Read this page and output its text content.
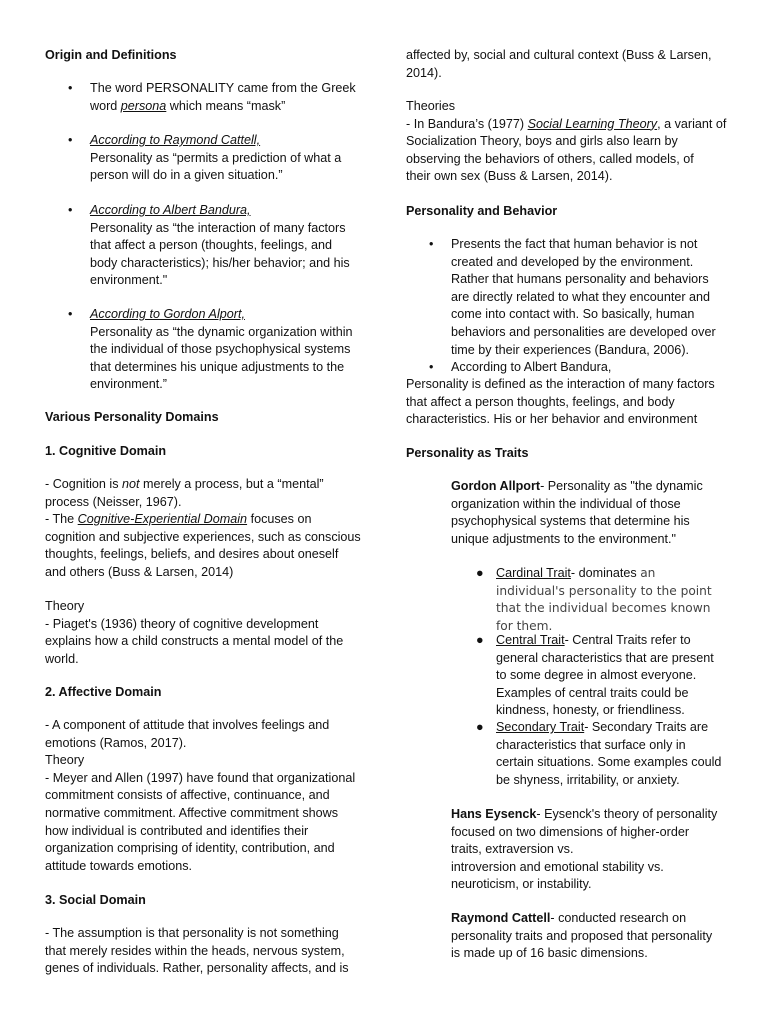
Origin and Definitions
• The word PERSONALITY came from the Greek

word persona which means “mask”

• According to Raymond Cattell,

Personality as “permits a prediction of what a

person will do in a given situation.”

• According to Albert Bandura,

Personality as “the interaction of many factors

that affect a person (thoughts, feelings, and

body characteristics); his/her behavior; and his

environment."

• According to Gordon Alport,

Personality as “the dynamic organization within

the individual of those psychophysical systems

that determines his unique adjustments to the

environment.”

Various Personality Domains
1. Cognitive Domain

- Cognition is not merely a process, but a “mental”

process (Neisser, 1967).

- The Cognitive-Experiential Domain focuses on

cognition and subjective experiences, such as conscious

thoughts, feelings, beliefs, and desires about oneself

and others (Buss & Larsen, 2014)

Theory

- Piaget's (1936) theory of cognitive development

explains how a child constructs a mental model of the

world.

2. Affective Domain

- A component of attitude that involves feelings and

emotions (Ramos, 2017).

Theory

- Meyer and Allen (1997) have found that organizational

commitment consists of affective, continuance, and

normative commitment. Affective commitment shows

how individual is contributed and identifies their

organization comprising of identity, contribution, and

attitude towards emotions.

3. Social Domain

- The assumption is that personality is not something

that merely resides within the heads, nervous system,

genes of individuals. Rather, personality affects, and is

affected by, social and cultural context (Buss & Larsen,

2014).

Theories

- In Bandura’s (1977) Social Learning Theory, a variant of

Socialization Theory, boys and girls also learn by

observing the behaviors of others, called models, of

their own sex (Buss & Larsen, 2014).

Personality and Behavior
• Presents the fact that human behavior is not

created and developed by the environment.

Rather that humans personality and behaviors

are directly related to what they encounter and

come into contact with. So basically, human

behaviors and personalities are developed over

time by their experiences (Bandura, 2006).

• According to Albert Bandura,

Personality is defined as the interaction of many factors

that affect a person thoughts, feelings, and body

characteristics. His or her behavior and environment

Personality as Traits

Gordon Allport- Personality as "the dynamic

organization within the individual of those

psychophysical systems that determine his

unique adjustments to the environment."

● Cardinal Trait- dominates an

individual's personality to the point

that the individual becomes known

for them.

● Central Trait- Central Traits refer to

general characteristics that are present

to some degree in almost everyone.

Examples of central traits could be

kindness, honesty, or friendliness.

● Secondary Trait- Secondary Traits are

characteristics that surface only in

certain situations. Some examples could

be shyness, irritability, or anxiety.

Hans Eysenck- Eysenck's theory of personality

focused on two dimensions of higher-order

traits, extraversion vs.

introversion and emotional stability vs.

neuroticism, or instability.

Raymond Cattell- conducted research on

personality traits and proposed that personality

is made up of 16 basic dimensions.
